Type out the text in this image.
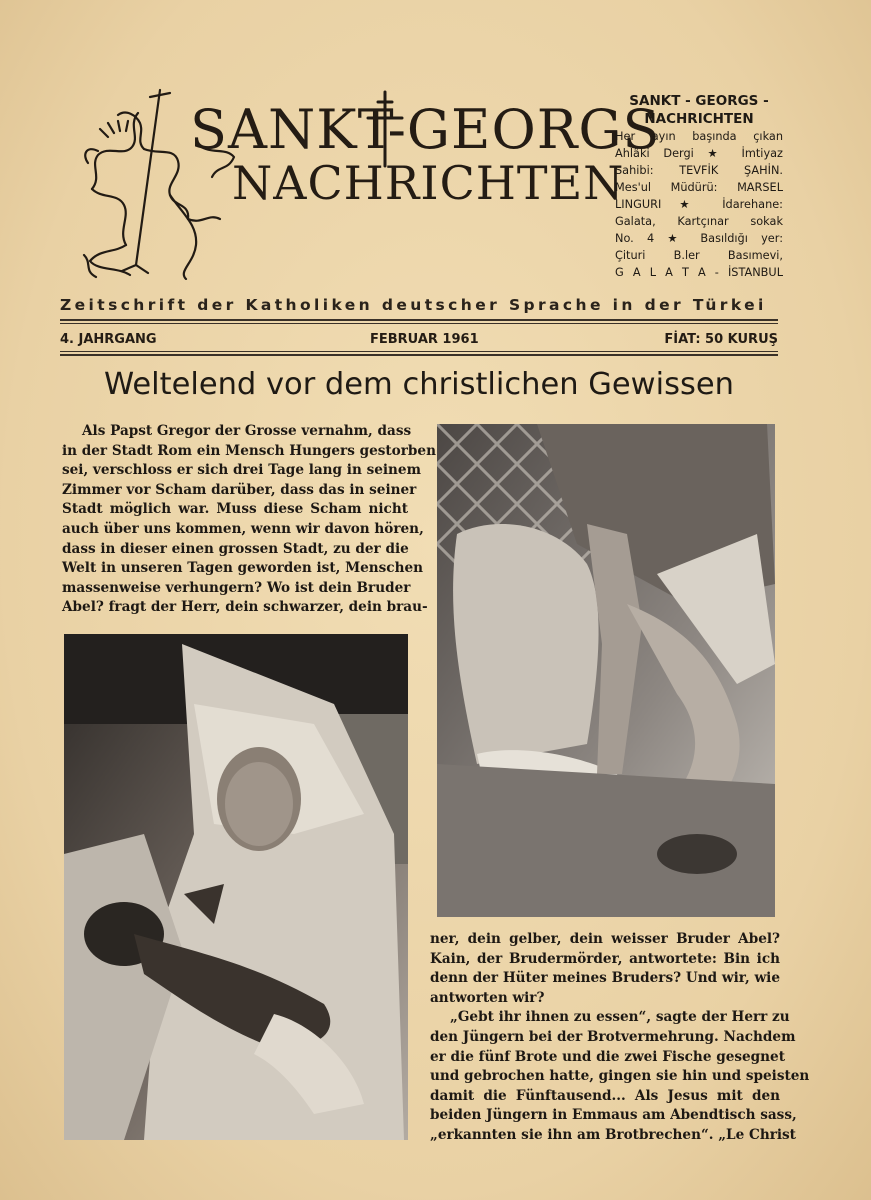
SANKT-GEORGS
NACHRICHTEN
SANKT - GEORGS -
NACHRICHTEN
Her ayın başında çıkan
Ahlâki Dergi ★ İmtiyaz
Sahibi: TEVFİK ŞAHİN.
Mes'ul Müdürü: MARSEL
LINGURI ★ İdarehane:
Galata, Kartçınar sokak
No. 4 ★ Basıldığı yer:
Çituri B.ler Basımevi,
G A L A T A - İSTANBUL
Zeitschrift der Katholiken deutscher Sprache in der Türkei
4. JAHRGANG	FEBRUAR 1961	FİAT: 50 KURUŞ
Weltelend vor dem christlichen Gewissen
Als Papst Gregor der Grosse vernahm, dass
in der Stadt Rom ein Mensch Hungers gestorben
sei, verschloss er sich drei Tage lang in seinem
Zimmer vor Scham darüber, dass das in seiner
Stadt möglich war. Muss diese Scham nicht
auch über uns kommen, wenn wir davon hören,
dass in dieser einen grossen Stadt, zu der die
Welt in unseren Tagen geworden ist, Menschen
massenweise verhungern? Wo ist dein Bruder
Abel? fragt der Herr, dein schwarzer, dein brau-
ner, dein gelber, dein weisser Bruder Abel?
Kain, der Brudermörder, antwortete: Bin ich
denn der Hüter meines Bruders? Und wir, wie
antworten wir?
„Gebt ihr ihnen zu essen“, sagte der Herr zu
den Jüngern bei der Brotvermehrung. Nachdem
er die fünf Brote und die zwei Fische gesegnet
und gebrochen hatte, gingen sie hin und speisten
damit die Fünftausend... Als Jesus mit den
beiden Jüngern in Emmaus am Abendtisch sass,
„erkannten sie ihn am Brotbrechen“. „Le Christ
